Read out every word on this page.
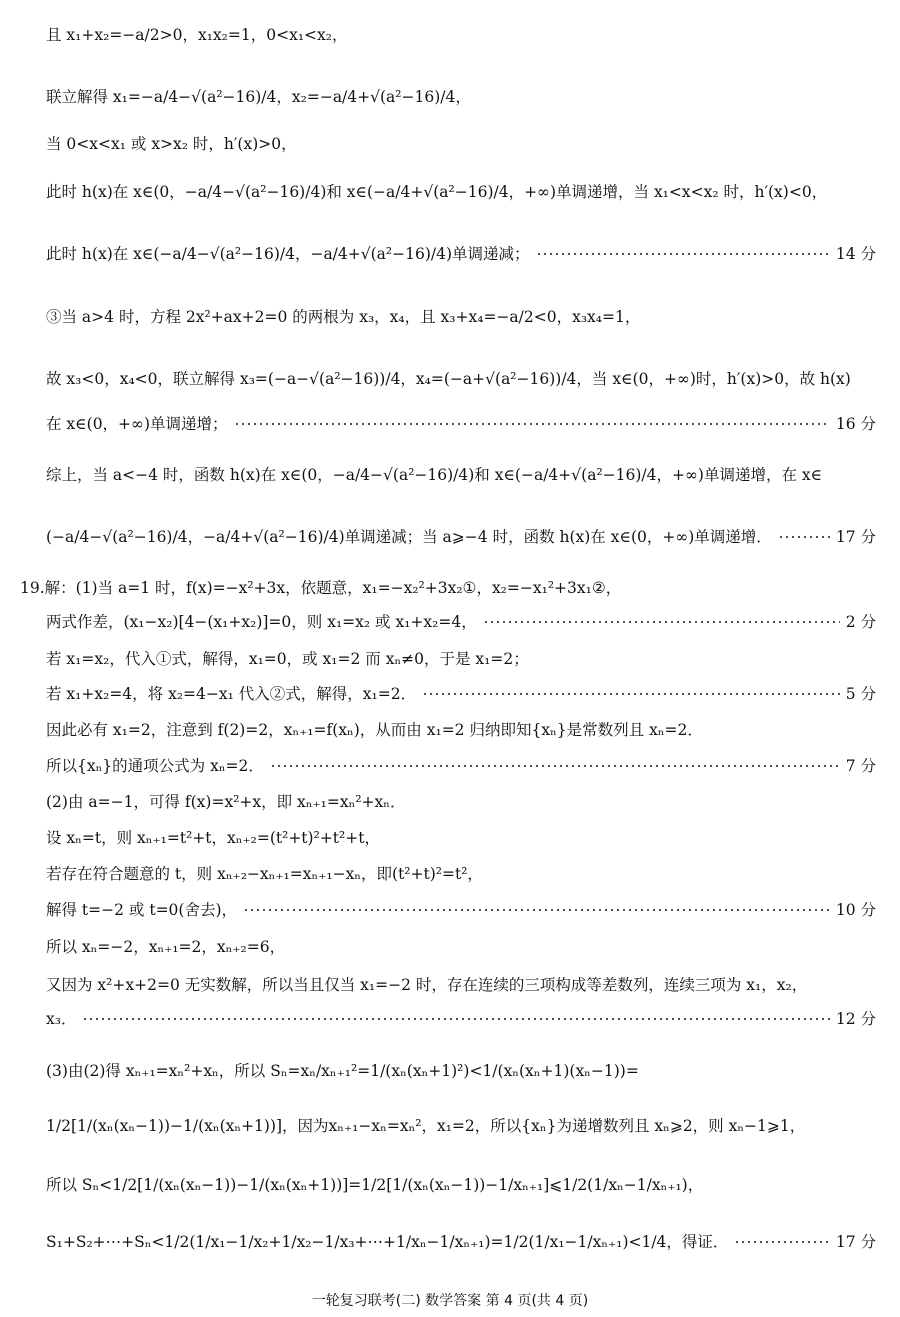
且 x₁+x₂=−a/2>0，x₁x₂=1，0<x₁<x₂，
联立解得 x₁=−a/4−√(a²−16)/4，x₂=−a/4+√(a²−16)/4，
当 0<x<x₁ 或 x>x₂ 时，h′(x)>0，
此时 h(x)在 x∈(0，−a/4−√(a²−16)/4)和 x∈(−a/4+√(a²−16)/4，+∞)单调递增，当 x₁<x<x₂ 时，h′(x)<0，
此时 h(x)在 x∈(−a/4−√(a²−16)/4，−a/4+√(a²−16)/4)单调递减；	14 分
③当 a>4 时，方程 2x²+ax+2=0 的两根为 x₃，x₄，且 x₃+x₄=−a/2<0，x₃x₄=1，
故 x₃<0，x₄<0，联立解得 x₃=(−a−√(a²−16))/4，x₄=(−a+√(a²−16))/4，当 x∈(0，+∞)时，h′(x)>0，故 h(x)
在 x∈(0，+∞)单调递增；	16 分
综上，当 a<−4 时，函数 h(x)在 x∈(0，−a/4−√(a²−16)/4)和 x∈(−a/4+√(a²−16)/4，+∞)单调递增，在 x∈
(−a/4−√(a²−16)/4，−a/4+√(a²−16)/4)单调递减；当 a⩾−4 时，函数 h(x)在 x∈(0，+∞)单调递增．	17 分
19.解：(1)当 a=1 时，f(x)=−x²+3x，依题意，x₁=−x₂²+3x₂①，x₂=−x₁²+3x₁②，
两式作差，(x₁−x₂)[4−(x₁+x₂)]=0，则 x₁=x₂ 或 x₁+x₂=4，	2 分
若 x₁=x₂，代入①式，解得，x₁=0，或 x₁=2 而 xₙ≠0，于是 x₁=2；
若 x₁+x₂=4，将 x₂=4−x₁ 代入②式，解得，x₁=2．	5 分
因此必有 x₁=2，注意到 f(2)=2，xₙ₊₁=f(xₙ)，从而由 x₁=2 归纳即知{xₙ}是常数列且 xₙ=2．
所以{xₙ}的通项公式为 xₙ=2．	7 分
(2)由 a=−1，可得 f(x)=x²+x，即 xₙ₊₁=xₙ²+xₙ．
设 xₙ=t，则 xₙ₊₁=t²+t，xₙ₊₂=(t²+t)²+t²+t，
若存在符合题意的 t，则 xₙ₊₂−xₙ₊₁=xₙ₊₁−xₙ，即(t²+t)²=t²，
解得 t=−2 或 t=0(舍去)，	10 分
所以 xₙ=−2，xₙ₊₁=2，xₙ₊₂=6，
又因为 x²+x+2=0 无实数解，所以当且仅当 x₁=−2 时，存在连续的三项构成等差数列，连续三项为 x₁，x₂，
x₃．	12 分
(3)由(2)得 xₙ₊₁=xₙ²+xₙ，所以 Sₙ=xₙ/xₙ₊₁²=1/(xₙ(xₙ+1)²)<1/(xₙ(xₙ+1)(xₙ−1))=
1/2[1/(xₙ(xₙ−1))−1/(xₙ(xₙ+1))]，因为xₙ₊₁−xₙ=xₙ²，x₁=2，所以{xₙ}为递增数列且 xₙ⩾2，则 xₙ−1⩾1，
所以 Sₙ<1/2[1/(xₙ(xₙ−1))−1/(xₙ(xₙ+1))]=1/2[1/(xₙ(xₙ−1))−1/xₙ₊₁]⩽1/2(1/xₙ−1/xₙ₊₁)，
S₁+S₂+⋯+Sₙ<1/2(1/x₁−1/x₂+1/x₂−1/x₃+⋯+1/xₙ−1/xₙ₊₁)=1/2(1/x₁−1/xₙ₊₁)<1/4，得证．	17 分
一轮复习联考(二) 数学答案 第 4 页(共 4 页)
